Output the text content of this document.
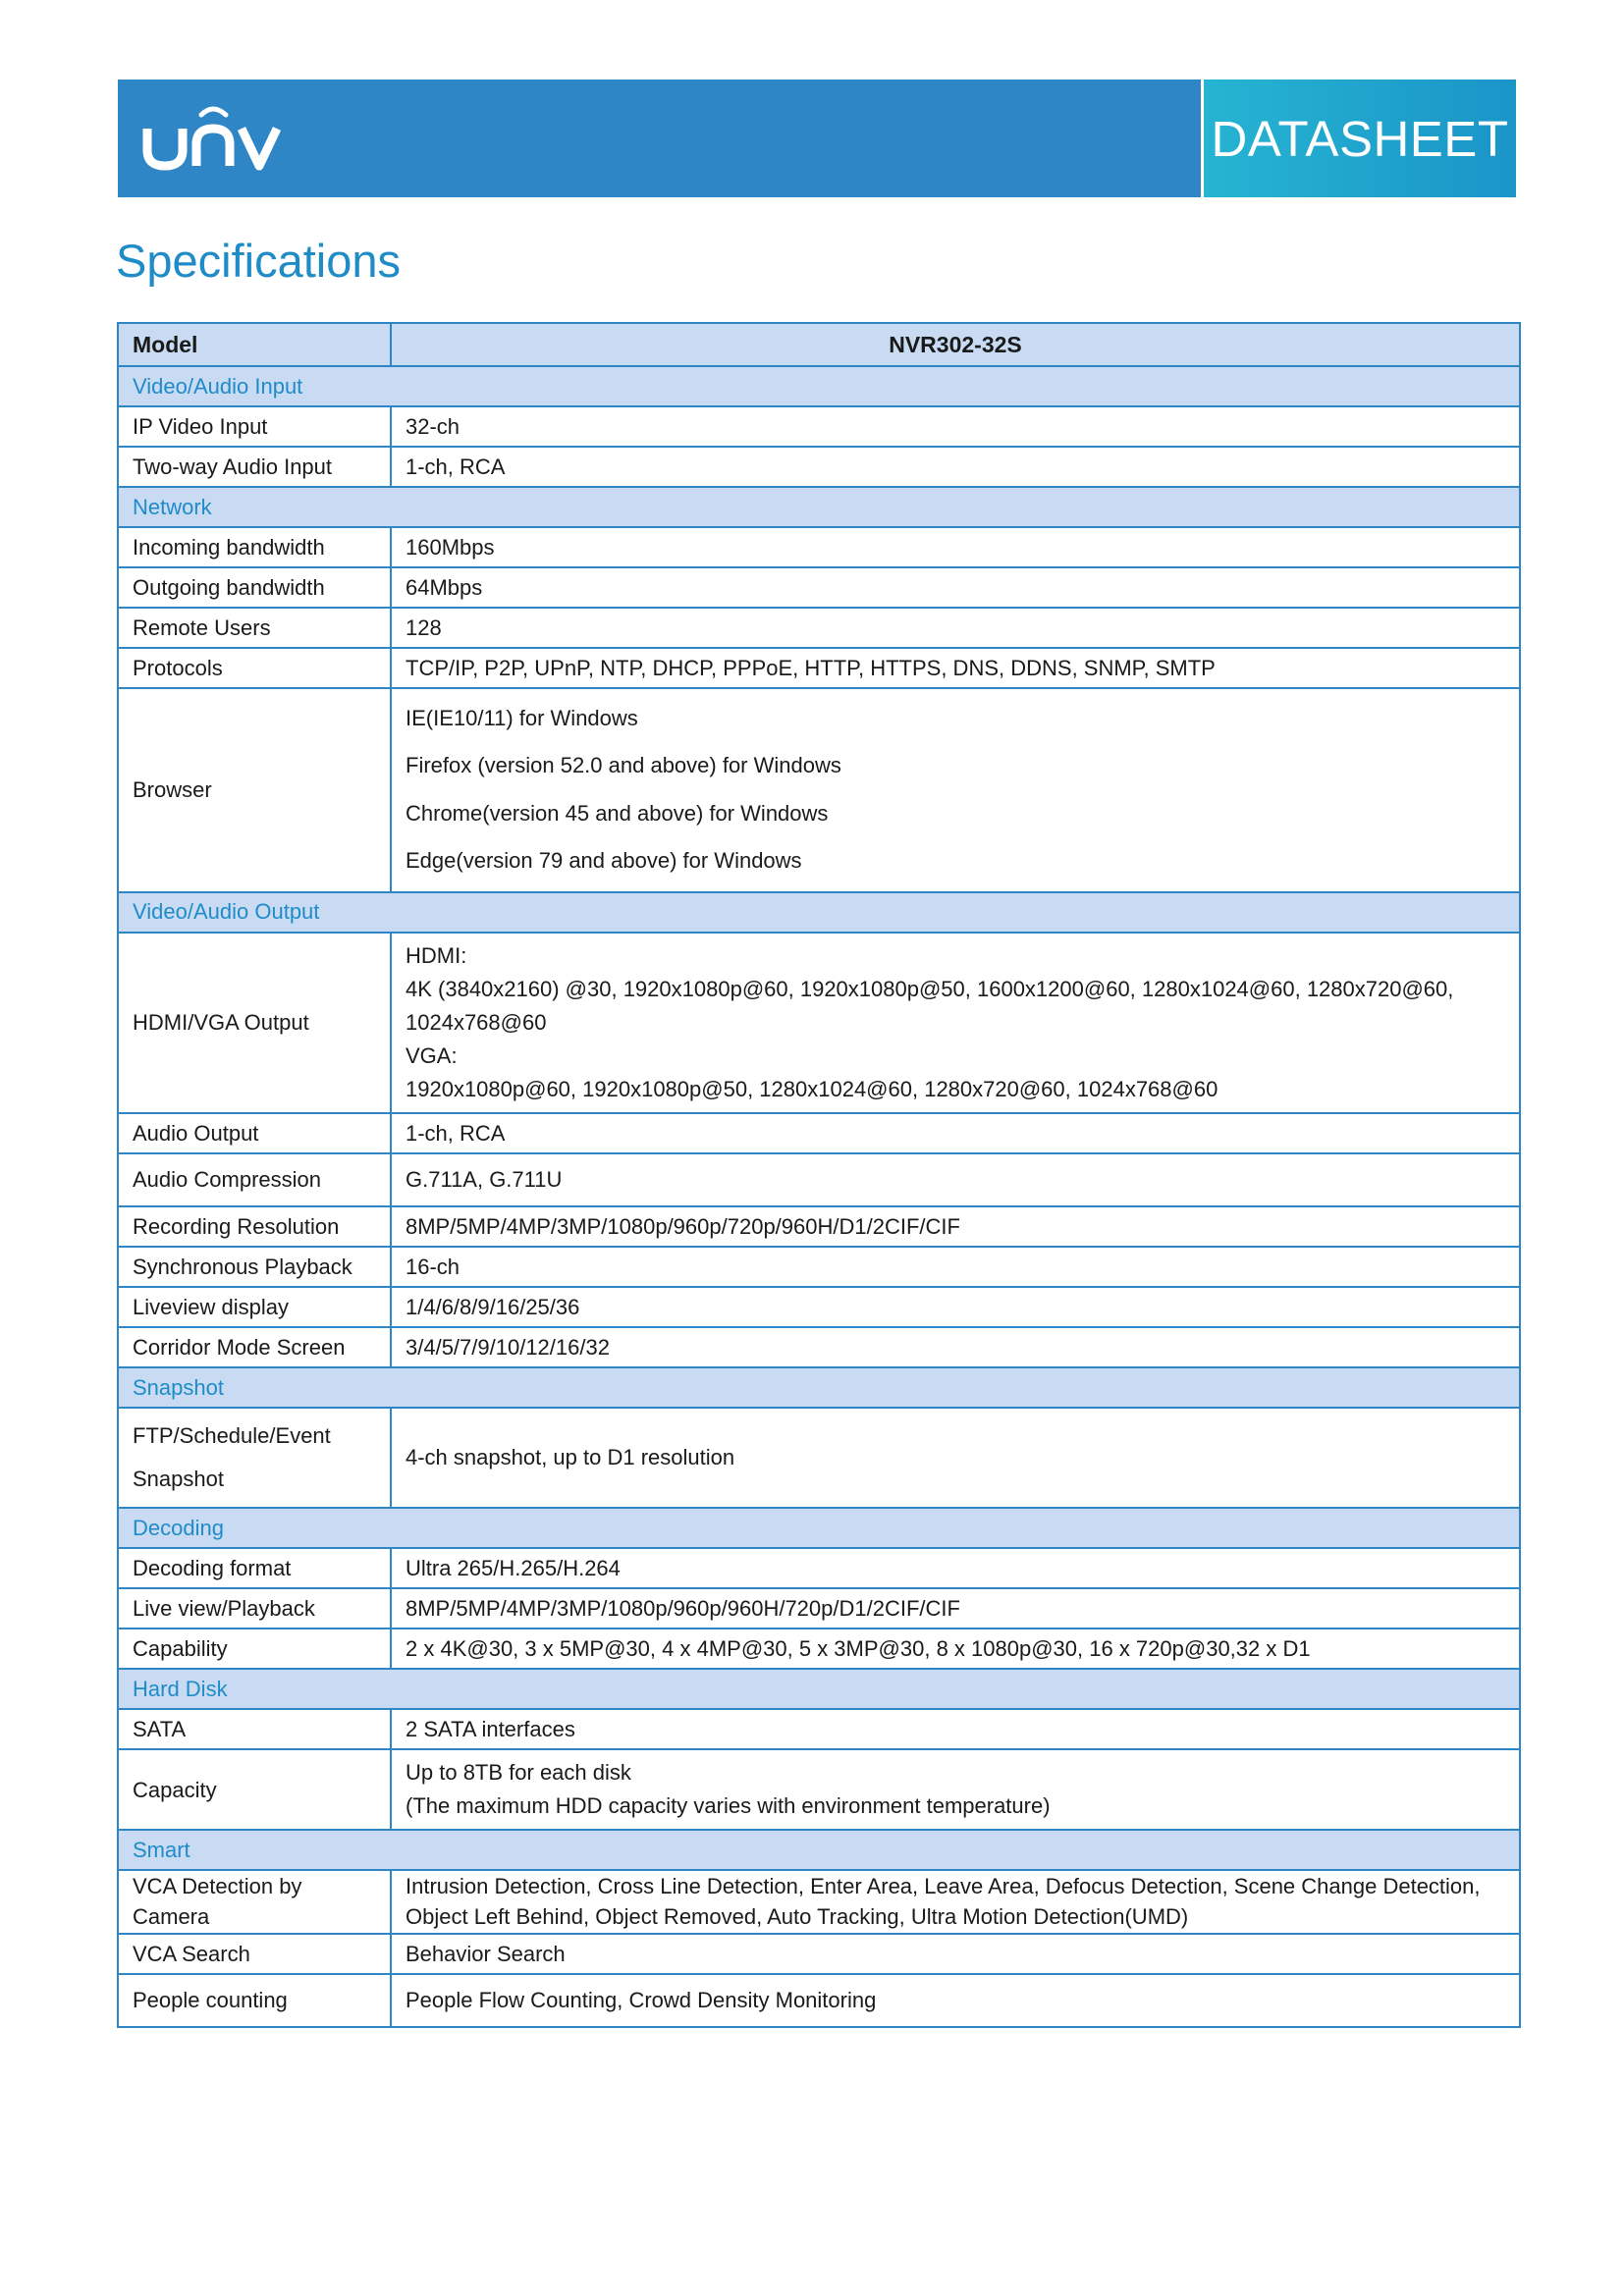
DATASHEET
Specifications
Model	NVR302-32S
Video/Audio Input	
IP Video Input	32-ch

Two-way Audio Input	1-ch, RCA

Network	
Incoming bandwidth	160Mbps

Outgoing bandwidth	64Mbps

Remote Users	128

Protocols	TCP/IP, P2P, UPnP, NTP, DHCP, PPPoE, HTTP, HTTPS, DNS, DDNS, SNMP, SMTP

Browser	IE(IE10/11) for Windows
Firefox (version 52.0 and above) for Windows
Chrome(version 45 and above) for Windows
Edge(version 79 and above) for Windows

Video/Audio Output	
HDMI/VGA Output	HDMI:
4K (3840x2160) @30, 1920x1080p@60, 1920x1080p@50, 1600x1200@60, 1280x1024@60, 1280x720@60, 1024x768@60
VGA:
1920x1080p@60, 1920x1080p@50, 1280x1024@60, 1280x720@60, 1024x768@60

Audio Output	1-ch, RCA

Audio Compression	G.711A, G.711U

Recording Resolution	8MP/5MP/4MP/3MP/1080p/960p/720p/960H/D1/2CIF/CIF

Synchronous Playback	16-ch

Liveview display	1/4/6/8/9/16/25/36

Corridor Mode Screen	3/4/5/7/9/10/12/16/32

Snapshot	
FTP/Schedule/Event Snapshot	4-ch snapshot, up to D1 resolution

Decoding	
Decoding format	Ultra 265/H.265/H.264

Live view/Playback	8MP/5MP/4MP/3MP/1080p/960p/960H/720p/D1/2CIF/CIF

Capability	2 x 4K@30, 3 x 5MP@30, 4 x 4MP@30, 5 x 3MP@30, 8 x 1080p@30, 16 x 720p@30,32 x D1

Hard Disk	
SATA	2 SATA interfaces

Capacity	Up to 8TB for each disk
(The maximum HDD capacity varies with environment temperature)

Smart	
VCA Detection by Camera	Intrusion Detection, Cross Line Detection, Enter Area, Leave Area, Defocus Detection, Scene Change Detection, Object Left Behind, Object Removed, Auto Tracking, Ultra Motion Detection(UMD)

VCA Search	Behavior Search

People counting	People Flow Counting, Crowd Density Monitoring
